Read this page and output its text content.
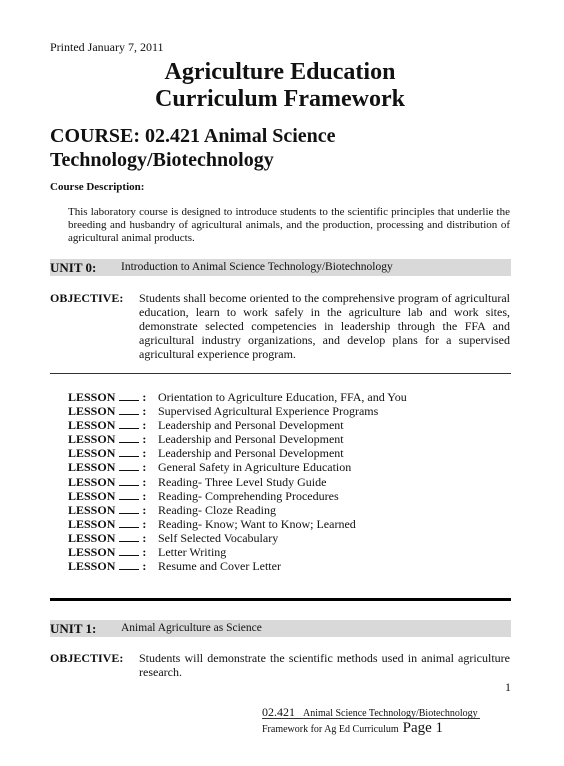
Printed January 7, 2011
Agriculture Education
Curriculum Framework
COURSE: 02.421 Animal Science
Technology/Biotechnology
Course Description:
This laboratory course is designed to introduce students to the scientific principles that underlie the breeding and husbandry of agricultural animals, and the production, processing and distribution of agricultural animal products.
UNIT 0: Introduction to Animal Science Technology/Biotechnology
OBJECTIVE: Students shall become oriented to the comprehensive program of agricultural education, learn to work safely in the agriculture lab and work sites, demonstrate selected competencies in leadership through the FFA and agricultural industry organizations, and develop plans for a supervised agricultural experience program.
LESSON : Orientation to Agriculture Education, FFA, and You
LESSON : Supervised Agricultural Experience Programs
LESSON : Leadership and Personal Development
LESSON : Leadership and Personal Development
LESSON : Leadership and Personal Development
LESSON : General Safety in Agriculture Education
LESSON : Reading- Three Level Study Guide
LESSON : Reading- Comprehending Procedures
LESSON : Reading- Cloze Reading
LESSON : Reading- Know; Want to Know; Learned
LESSON : Self Selected Vocabulary
LESSON : Letter Writing
LESSON : Resume and Cover Letter
UNIT 1: Animal Agriculture as Science
OBJECTIVE: Students will demonstrate the scientific methods used in animal agriculture research.
1
02.421 Animal Science Technology/Biotechnology
Framework for Ag Ed Curriculum Page 1
